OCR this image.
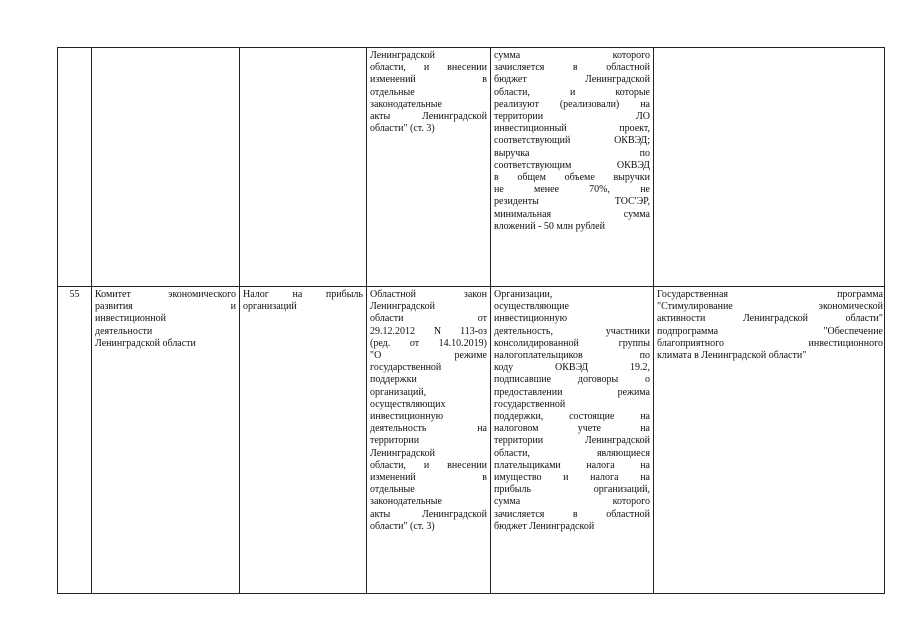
Ленинградской
области, и внесении
изменений в
отдельные
законодательные
акты Ленинградской
области" (ст. 3)
сумма которого
зачисляется в областной
бюджет Ленинградской
области, и которые
реализуют (реализовали) на
территории ЛО
инвестиционный проект,
соответствующий ОКВЭД;
выручка по
соответствующим ОКВЭД
в общем объеме выручки
не менее 70%, не
резиденты ТОС'ЭР,
минимальная сумма
вложений - 50 млн рублей
55	Комитет экономического
развития и
инвестиционной
деятельности
Ленинградской области
Налог на прибыль
организаций
Областной закон
Ленинградской
области от
29.12.2012 N 113-оз
(ред. от 14.10.2019)
"О режиме
государственной
поддержки
организаций,
осуществляющих
инвестиционную
деятельность на
территории
Ленинградской
области, и внесении
изменений в
отдельные
законодательные
акты Ленинградской
области" (ст. 3)
Организации,
осуществляющие
инвестиционную
деятельность, участники
консолидированной группы
налогоплательщиков по
коду ОКВЭД 19.2,
подписавшие договоры о
предоставлении режима
государственной
поддержки, состоящие на
налоговом учете на
территории Ленинградской
области, являющиеся
плательщиками налога на
имущество и налога на
прибыль организаций,
сумма которого
зачисляется в областной
бюджет Ленинградской
Государственная программа
"Стимулирование экономической
активности Ленинградской области"
подпрограмма "Обеспечение
благоприятного инвестиционного
климата в Ленинградской области"
